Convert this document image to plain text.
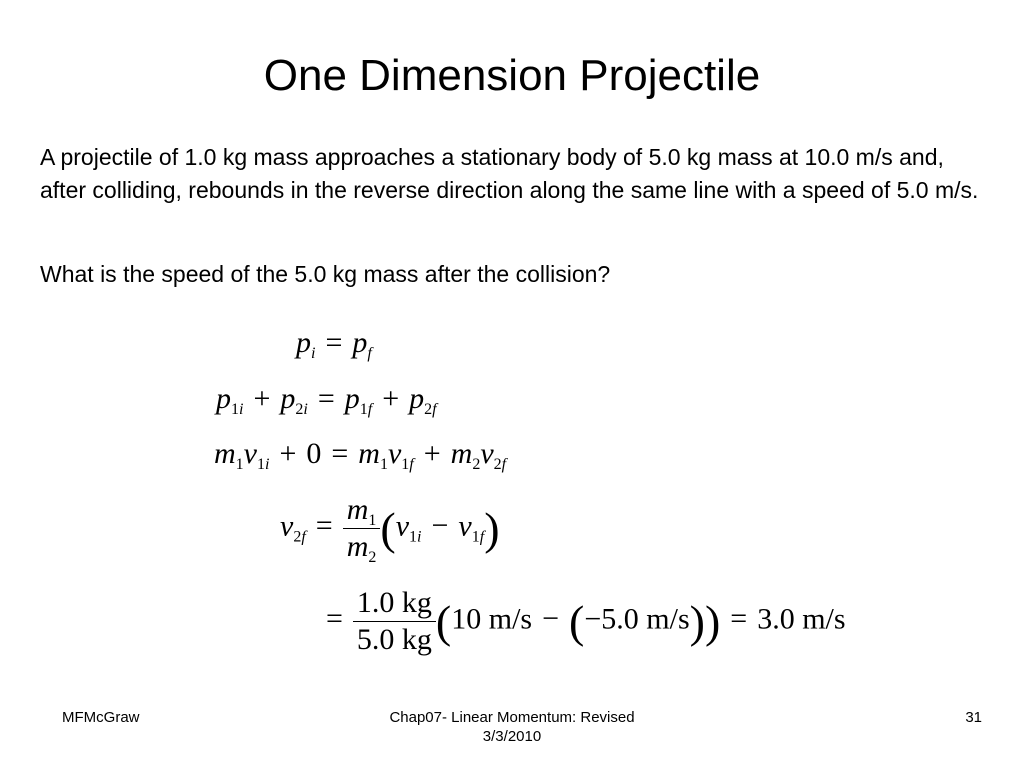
One Dimension Projectile

A projectile of 1.0 kg mass approaches a stationary body of 5.0 kg mass at 10.0 m/s and, after colliding, rebounds in the reverse direction along the same line with a speed of 5.0 m/s.

What is the speed of the 5.0 kg mass after the collision?

$p_i = p_f$
$p_{1i} + p_{2i} = p_{1f} + p_{2f}$
$m_1v_{1i} + 0 = m_1v_{1f} + m_2v_{2f}$
$v_{2f} = \frac{m_1}{m_2} (v_{1i} - v_{1f})$
= $\frac{1.0 kg}{5.0 kg} (10$ m/s − (−5.0 m/s)) = 3.0 m/s
MFMcGraw	Chap07- Linear Momentum: Revised
3/3/2010
31
